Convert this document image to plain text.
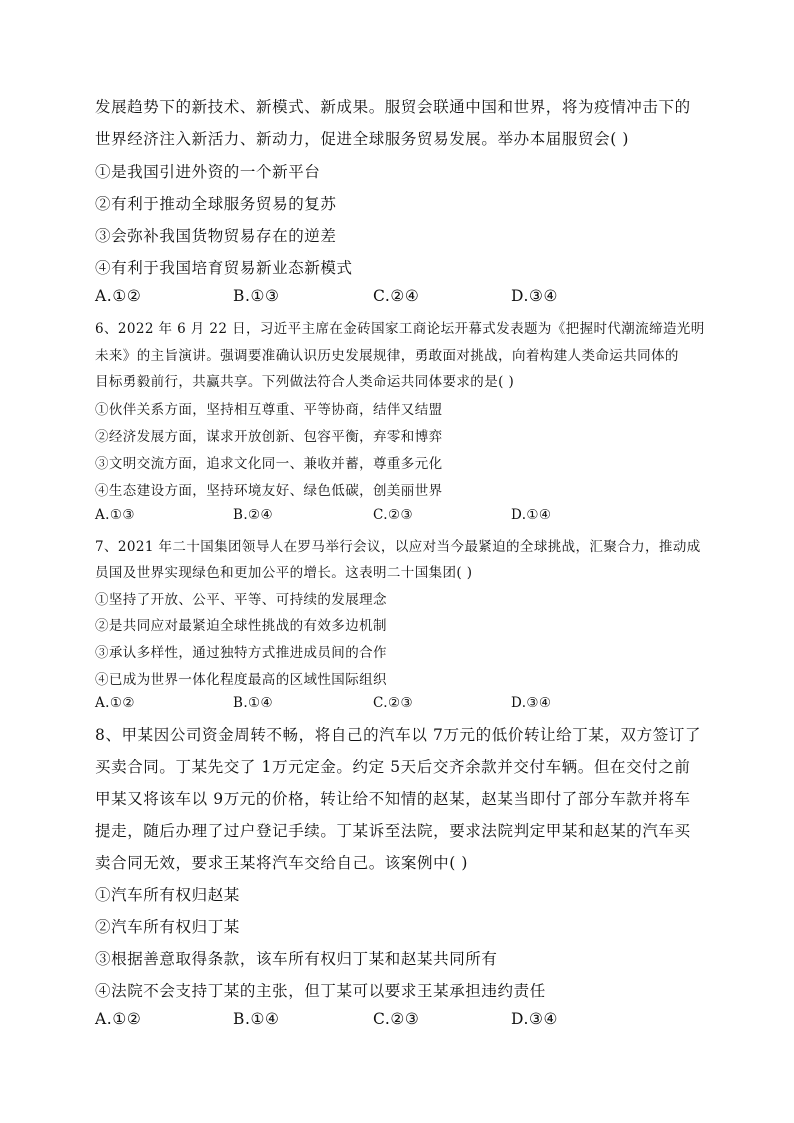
发展趋势下的新技术、新模式、新成果。服贸会联通中国和世界，将为疫情冲击下的
世界经济注入新活力、新动力，促进全球服务贸易发展。举办本届服贸会( )
①是我国引进外资的一个新平台
②有利于推动全球服务贸易的复苏
③会弥补我国货物贸易存在的逆差
④有利于我国培育贸易新业态新模式
A.①②	B.①③	C.②④	D.③④
6、2022 年 6 月 22 日，习近平主席在金砖国家工商论坛开幕式发表题为《把握时代潮流缔造光明
未来》的主旨演讲。强调要准确认识历史发展规律，勇敢面对挑战，向着构建人类命运共同体的
目标勇毅前行，共赢共享。下列做法符合人类命运共同体要求的是( )
①伙伴关系方面，坚持相互尊重、平等协商，结伴又结盟
②经济发展方面，谋求开放创新、包容平衡，弃零和博弈
③文明交流方面，追求文化同一、兼收并蓄，尊重多元化
④生态建设方面，坚持环境友好、绿色低碳，创美丽世界
A.①③	B.②④	C.②③	D.①④
7、2021 年二十国集团领导人在罗马举行会议，以应对当今最紧迫的全球挑战，汇聚合力，推动成
员国及世界实现绿色和更加公平的增长。这表明二十国集团( )
①坚持了开放、公平、平等、可持续的发展理念
②是共同应对最紧迫全球性挑战的有效多边机制
③承认多样性，通过独特方式推进成员间的合作
④已成为世界一体化程度最高的区域性国际组织
A.①②	B.①④	C.②③	D.③④
8、甲某因公司资金周转不畅，将自己的汽车以 7万元的低价转让给丁某，双方签订了
买卖合同。丁某先交了 1万元定金。约定 5天后交齐余款并交付车辆。但在交付之前
甲某又将该车以 9万元的价格，转让给不知情的赵某，赵某当即付了部分车款并将车
提走，随后办理了过户登记手续。丁某诉至法院，要求法院判定甲某和赵某的汽车买
卖合同无效，要求王某将汽车交给自己。该案例中( )
①汽车所有权归赵某
②汽车所有权归丁某
③根据善意取得条款，该车所有权归丁某和赵某共同所有
④法院不会支持丁某的主张，但丁某可以要求王某承担违约责任
A.①②	B.①④	C.②③	D.③④
